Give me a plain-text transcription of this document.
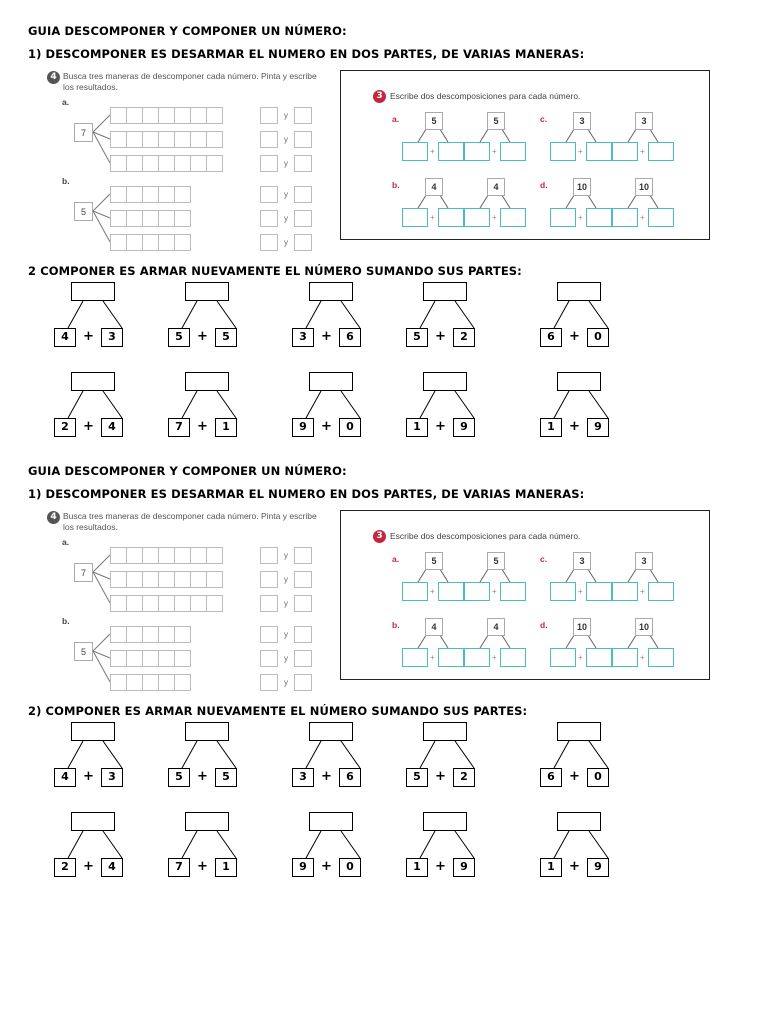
GUIA DESCOMPONER Y COMPONER UN NÚMERO:
1) DESCOMPONER ES DESARMAR EL NUMERO EN DOS PARTES, DE VARIAS MANERAS:
2 COMPONER ES ARMAR NUEVAMENTE EL NÚMERO SUMANDO SUS PARTES:
4 Busca tres maneras de descomponer cada número. Pinta y escribe
los resultados.
a.
7
y
y
y
b.
5
y
y
y
3 Escribe dos descomposiciones para cada número.
a.	5
+
5
+
c.	3
+
3
+
b.	4
+
4
+
d.	10
+
10
+
4	+	3	5	+	5	3	+	6	5	+	2	6	+	0
2	+	4	7	+	1	9	+	0	1	+	9	1	+	9
GUIA DESCOMPONER Y COMPONER UN NÚMERO:
1) DESCOMPONER ES DESARMAR EL NUMERO EN DOS PARTES, DE VARIAS MANERAS:
2) COMPONER ES ARMAR NUEVAMENTE EL NÚMERO SUMANDO SUS PARTES:
4 Busca tres maneras de descomponer cada número. Pinta y escribe
los resultados.
a.
7
y
y
y
b.
5
y
y
y
3 Escribe dos descomposiciones para cada número.
a.	5
+
5
+
c.	3
+
3
+
b.	4
+
4
+
d.	10
+
10
+
4	+	3	5	+	5	3	+	6	5	+	2	6	+	0
2	+	4	7	+	1	9	+	0	1	+	9	1	+	9
